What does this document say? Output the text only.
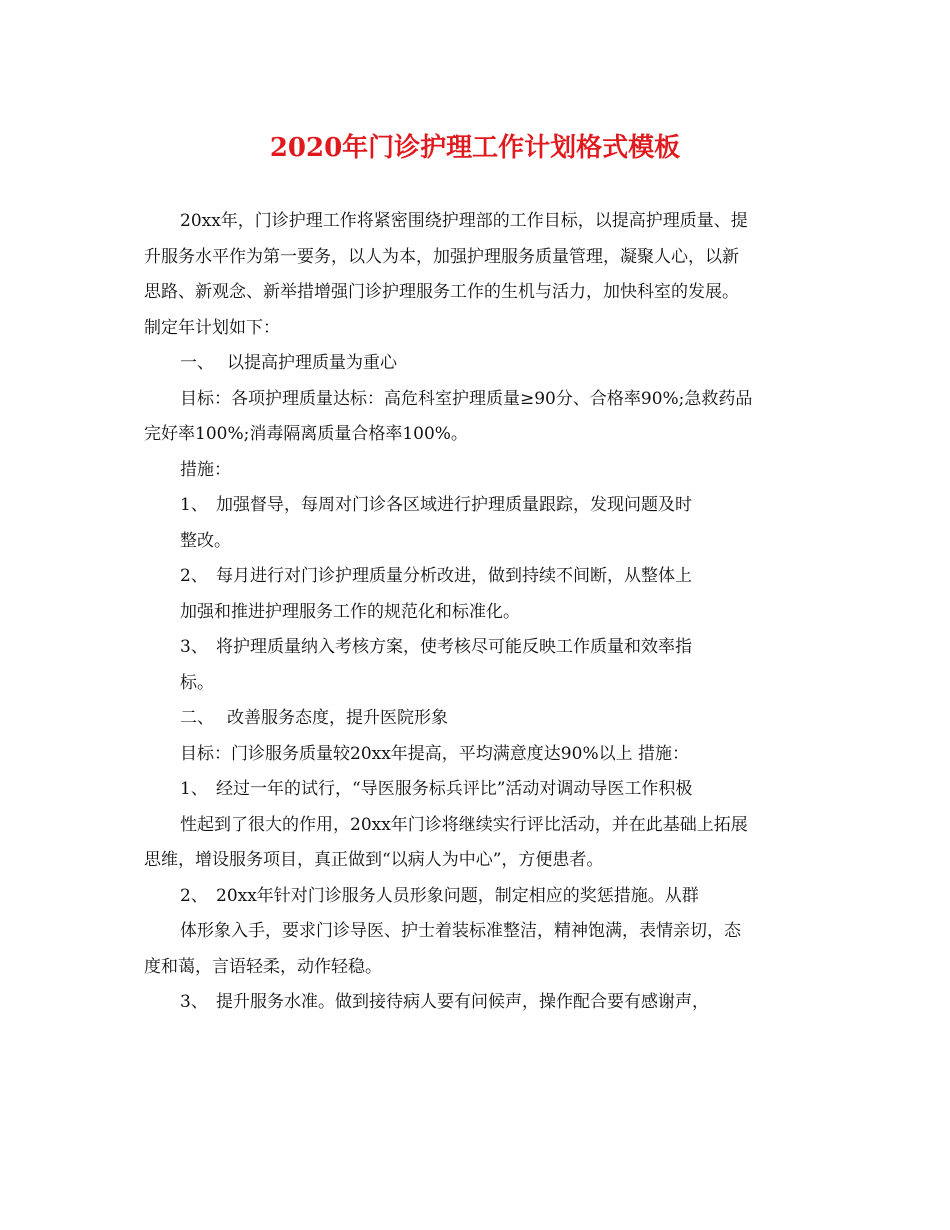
2020年门诊护理工作计划格式模板
20xx年，门诊护理工作将紧密围绕护理部的工作目标，以提高护理质量、提
升服务水平作为第一要务，以人为本，加强护理服务质量管理，凝聚人心，以新
思路、新观念、新举措增强门诊护理服务工作的生机与活力，加快科室的发展。
制定年计划如下：
一、 以提高护理质量为重心
目标：各项护理质量达标：高危科室护理质量≥90分、合格率90%;急救药品
完好率100%;消毒隔离质量合格率100%。
措施：
1、 加强督导，每周对门诊各区域进行护理质量跟踪，发现问题及时
整改。
2、 每月进行对门诊护理质量分析改进，做到持续不间断，从整体上
加强和推进护理服务工作的规范化和标准化。
3、 将护理质量纳入考核方案，使考核尽可能反映工作质量和效率指
标。
二、 改善服务态度，提升医院形象
目标：门诊服务质量较20xx年提高，平均满意度达90%以上 措施：
1、 经过一年的试行，“导医服务标兵评比”活动对调动导医工作积极
性起到了很大的作用，20xx年门诊将继续实行评比活动，并在此基础上拓展
思维，增设服务项目，真正做到“以病人为中心”，方便患者。
2、 20xx年针对门诊服务人员形象问题，制定相应的奖惩措施。从群
体形象入手，要求门诊导医、护士着装标准整洁，精神饱满，表情亲切，态
度和蔼，言语轻柔，动作轻稳。
3、 提升服务水准。做到接待病人要有问候声，操作配合要有感谢声，
